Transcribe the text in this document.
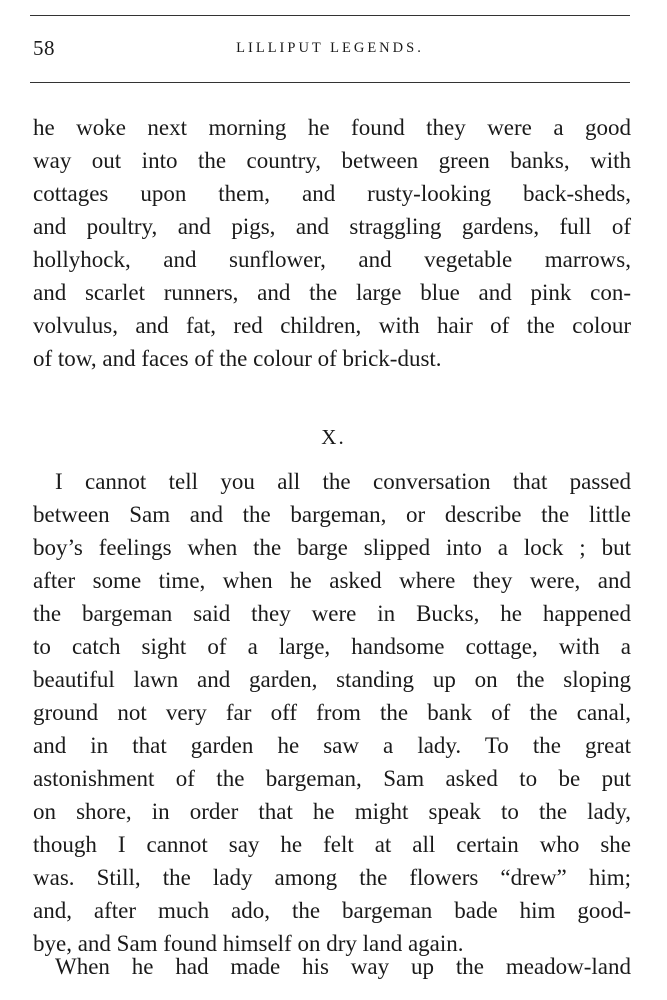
58	LILLIPUT LEGENDS.
he woke next morning he found they were a good
way out into the country, between green banks, with
cottages upon them, and rusty-looking back-sheds,
and poultry, and pigs, and straggling gardens, full of
hollyhock, and sunflower, and vegetable marrows,
and scarlet runners, and the large blue and pink con-
volvulus, and fat, red children, with hair of the colour
of tow, and faces of the colour of brick-dust.
X.
I cannot tell you all the conversation that passed
between Sam and the bargeman, or describe the little
boy’s feelings when the barge slipped into a lock ; but
after some time, when he asked where they were, and
the bargeman said they were in Bucks, he happened
to catch sight of a large, handsome cottage, with a
beautiful lawn and garden, standing up on the sloping
ground not very far off from the bank of the canal,
and in that garden he saw a lady. To the great
astonishment of the bargeman, Sam asked to be put
on shore, in order that he might speak to the lady,
though I cannot say he felt at all certain who she
was. Still, the lady among the flowers “drew” him;
and, after much ado, the bargeman bade him good-
bye, and Sam found himself on dry land again.
When he had made his way up the meadow-land
